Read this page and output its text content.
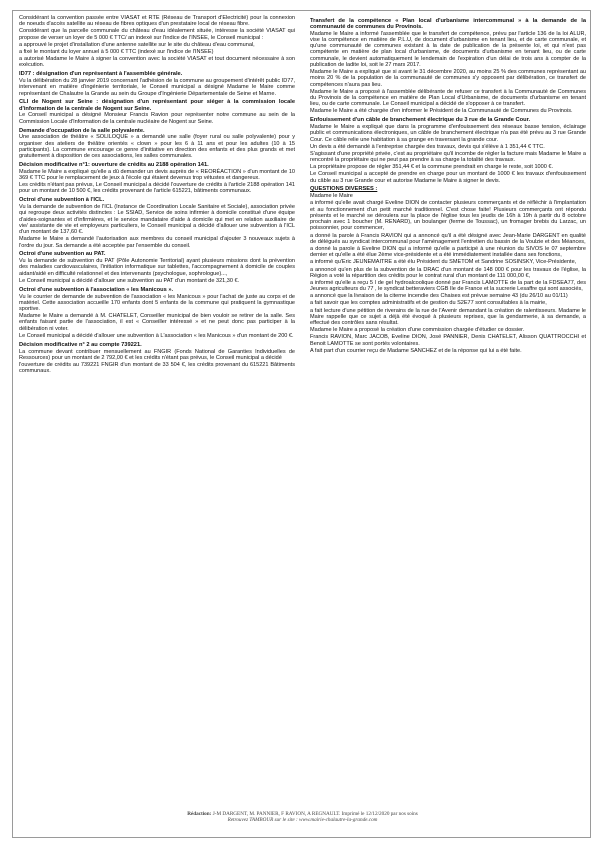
Considérant la convention passée entre VIASAT et RTE (Réseau de Transport d'Electricité) pour la connexion de noeuds d'accès satellite au réseau de fibres optiques d'un prestataire local de réseau fibre.
Considérant que la parcelle communale du château d'eau idéalement située, intéresse la société VIASAT qui propose de verser un loyer de 5 000 € TTC/ an indexé sur l'indice de l'INSEE, le Conseil municipal :
a approuvé le projet d'installation d'une antenne satellite sur le site du château d'eau communal,
a fixé le montant du loyer annuel à 5 000 € TTC (indexé sur l'indice de l'INSEE)
a autorisé Madame le Maire à signer la convention avec la société VIASAT et tout document nécessaire à son exécution.
ID77 : désignation d'un représentant à l'assemblée générale.
Vu la délibération du 28 janvier 2019 concernant l'adhésion de la commune au groupement d'intérêt public ID77, intervenant en matière d'ingénierie territoriale, le Conseil municipal a désigné Madame le Maire comme représentant de Chalautre la Grande au sein du Groupe d'Ingénierie Départementale de Seine et Marne.
CLI de Nogent sur Seine : désignation d'un représentant pour siéger à la commission locale d'information de la centrale de Nogent sur Seine.
Le Conseil municipal a désigné Monsieur Francis Ravion pour représenter notre commune au sein de la Commission Locale d'Information de la centrale nucléaire de Nogent sur Seine.
Demande d'occupation de la salle polyvalente.
Une association de théâtre « SOLILOQUE » a demandé une salle (foyer rural ou salle polyvalente) pour y organiser des ateliers de théâtre orientés « clown » pour les 6 à 11 ans et pour les adultes (10 à 15 participants). La commune encourage ce genre d'initiative en direction des enfants et des plus grands et met gratuitement à disposition de ces associations, les salles communales.
Décision modificative n°1: ouverture de crédits au 2188 opération 141.
Madame le Maire a expliqué qu'elle a dû demander un devis auprès de « REORÉACTION » d'un montant de 10 369 € TTC pour le remplacement de jeux à l'école qui étaient devenus trop vétustes et dangereux.
Les crédits n'étant pas prévus, Le Conseil municipal a décidé l'ouverture de crédits à l'article 2188 opération 141 pour un montant de 10 500 €, les crédits provenant de l'article 615221, bâtiments communaux.
Octroi d'une subvention à l'ICL.
Vu la demande de subvention de l'ICL (Instance de Coordination Locale Sanitaire et Sociale), association privée qui regroupe deux activités distinctes : Le SSIAD, Service de soins infirmier à domicile constitué d'une équipe d'aides-soignantes et d'infirmières, et le service mandataire d'aide à domicile qui met en relation auxiliaire de vie/ assistante de vie et employeurs particuliers, le Conseil municipal a décidé d'allouer une subvention à l'ICL d'un montant de 137,60 €.
Madame le Maire a demandé l'autorisation aux membres du conseil municipal d'ajouter 3 nouveaux sujets à l'ordre du jour. Sa demande a été acceptée par l'ensemble du conseil.
Octroi d'une subvention au PAT.
Vu la demande de subvention du PAT (Pôle Autonomie Territorial) ayant plusieurs missions dont la prévention des maladies cardiovasculaires, l'initiation informatique sur tablettes, l'accompagnement à domicile de couples aidant/aidé en difficulté relationnel et des intervenants (psychologue, sophrologue)...,
Le Conseil municipal a décidé d'allouer une subvention au PAT d'un montant de 321,30 €.
Octroi d'une subvention à l'association « les Manicous ».
Vu le courrier de demande de subvention de l'association « les Manicous » pour l'achat de juste au corps et de matériel. Cette association accueille 170 enfants dont 5 enfants de la commune qui pratiquent la gymnastique sportive.
Madame le Maire a demandé à M. CHATELET, Conseiller municipal de bien vouloir se retirer de la salle. Ses enfants faisant partie de l'association, il est « Conseiller intéressé » et ne peut donc pas participer à la délibération ni voter.
Le Conseil municipal a décidé d'allouer une subvention à L'association « les Manicous » d'un montant de 200 €.
Décision modificative n° 2 au compte 739221.
La commune devant contribuer mensuellement au FNGIR (Fonds National de Garanties Individuelles de Ressources) pour un montant de 2 792,00 € et les crédits n'étant pas prévus, le Conseil municipal a décidé
l'ouverture de crédits au 739221 FNGIR d'un montant de 33 504 €, les crédits provenant du 615221 Bâtiments communaux.
Transfert de la compétence « Plan local d'urbanisme intercommunal » à la demande de la communauté de communes du Provinois.
Madame le Maire a informé l'assemblée que le transfert de compétence, prévu par l'article 136 de la loi ALUR, vise la compétence en matière de P.L.U, de document d'urbanisme en tenant lieu, et de carte communale, et qu'une communauté de communes existant à la date de publication de la présente loi, et qui n'est pas compétente en matière de plan local d'urbanisme, de documents d'urbanisme en tenant lieu, ou de carte communale, le devient automatiquement le lendemain de l'expiration d'un délai de trois ans à compter de la publication de ladite loi, soit le 27 mars 2017.
Madame le Maire a expliqué que si avant le 31 décembre 2020, au moins 25 % des communes représentant au moins 20 % de la population de la communauté de communes s'y opposent par délibération, ce transfert de compétences n'aura pas lieu.
Madame le Maire a proposé à l'assemblée délibérante de refuser ce transfert à la Communauté de Communes du Provinois de la compétence en matière de Plan Local d'Urbanisme, de documents d'urbanisme en tenant lieu, ou de carte communale. Le Conseil municipal a décidé de s'opposer à ce transfert.
Madame le Maire a été chargée d'en informer le Président de la Communauté de Communes du Provinois.
Enfouissement d'un câble de branchement électrique du 3 rue de la Grande Cour.
Madame le Maire a expliqué que dans la programme d'enfouissement des réseaux basse tension, éclairage public et communications électroniques, un câble de branchement électrique n'a pas été prévu au 3 rue Grande Cour. Ce câble relie une habitation à sa grange en traversant la grande cour.
Un devis a été demandé à l'entreprise chargée des travaux, devis qui s'élève à 1 351,44 € TTC.
S'agissant d'une propriété privée, c'est au propriétaire qu'il incombe de régler la facture mais Madame le Maire a rencontré la propriétaire qui ne peut pas prendre à sa charge la totalité des travaux.
La propriétaire propose de régler 351,44 € et la commune prendrait en charge le reste, soit 1000 €.
Le Conseil municipal a accepté de prendre en charge pour un montant de 1000 € les travaux d'enfouissement du câble au 3 rue Grande cour et autorise Madame le Maire à signer le devis.
QUESTIONS DIVERSES :
Madame le Maire
a informé qu'elle avait chargé Eveline DION de contacter plusieurs commerçants et de réfléchir à l'implantation et au fonctionnement d'un petit marché traditionnel. C'est chose faite! Plusieurs commerçants ont répondu présents et le marché se déroulera sur la place de l'église tous les jeudis de 16h à 19h à partir du 8 octobre prochain avec 1 boucher (M. RENARD), un boulanger (ferme de Toussac), un fromager brebis du Larzac, un poissonnier, pour commencer,
a donné la parole à Francis RAVION qui a annoncé qu'il a été désigné avec Jean-Marie DARGENT en qualité de délégués au syndicat intercommunal pour l'aménagement l'entretien du bassin de la Voulzie et des Méances,
a donné la parole à Eveline DION qui a informé qu'elle a participé à une réunion du SIVOS le 07 septembre dernier et qu'elle a été élue 2ème vice-présidente et a été immédiatement installée dans ses fonctions,
a informé qu'Eric JEUNEMAITRE a été élu Président du SMETOM et Sandrine SOSINSKY, Vice-Présidente,
a annoncé qu'en plus de la subvention de la DRAC d'un montant de 148 000 € pour les travaux de l'église, la Région a voté la répartition des crédits pour le contrat rural d'un montant de 111 000,00 €,
a informé qu'elle a reçu 5 l de gel hydroalcoolique donné par Francis LAMOTTE de la part de la FDSEA77, des Jeunes agriculteurs du 77 , le syndicat betteraviers CGB Ile de France et la sucrerie Lesaffre qui sont associés,
a annoncé que la livraison de la citerne incendie des Chaises est prévue semaine 43 (du 26/10 au 01/11)
a fait savoir que les comptes administratifs et de gestion du S2E77 sont consultables à la mairie,
a fait lecture d'une pétition de riverains de la rue de l'Avenir demandant la création de ralentisseurs. Madame le Maire rappelle que ce sujet a déjà été évoqué à plusieurs reprises, que la gendarmerie, à sa demande, a effectué des contrôles sans résultat.
Madame le Maire a proposé la création d'une commission chargée d'étudier ce dossier.
Francis RAVION, Marc JACOB, Eveline DION, José PANNIER, Denis CHATELET, Alisson QUATTROCCHI et Benoit LAMOTTE se sont portés volontaires.
A fait part d'un courrier reçu de Madame SANCHEZ et de la réponse qui lui a été faite.
Rédaction: J-M DARGENT, M. PANNIER, F RAVION, A REGNAULT. Imprimé le 12/12/2020 par nos soins
Retrouvez TAMBOUR sur le site : www.mairie-chalautre-la-grande.com
